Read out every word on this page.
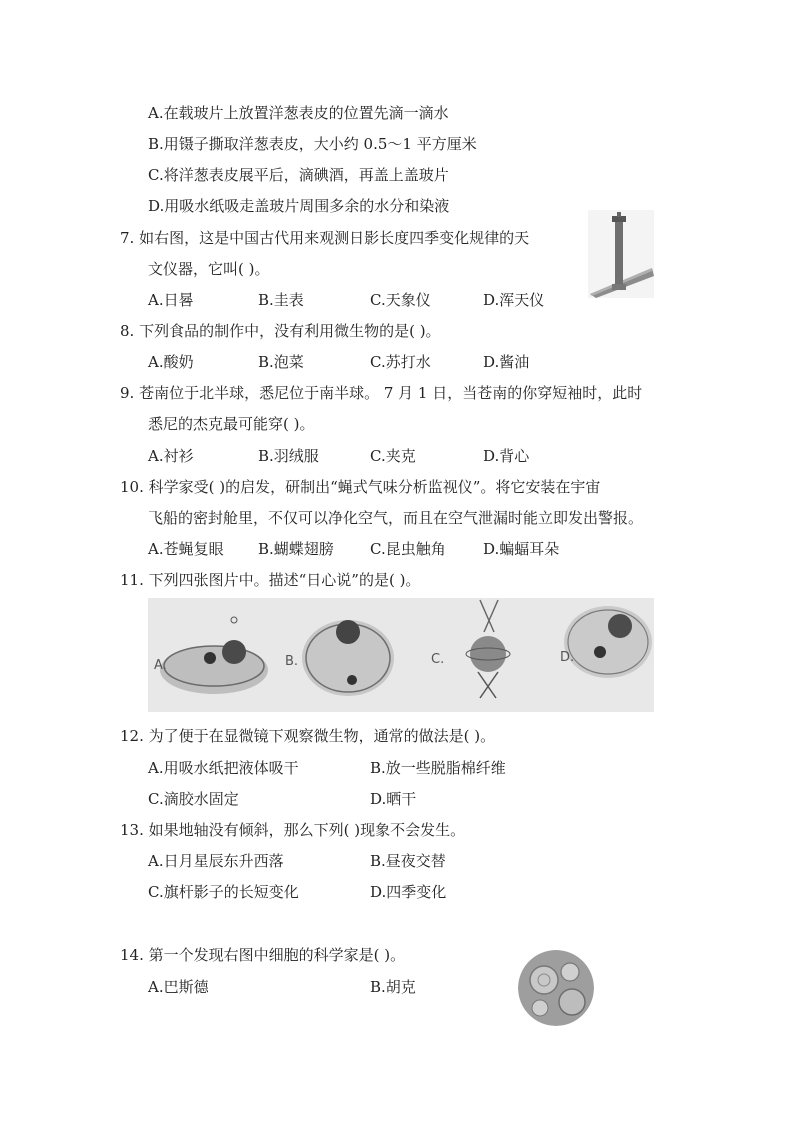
A.在载玻片上放置洋葱表皮的位置先滴一滴水
B.用镊子撕取洋葱表皮，大小约 0.5～1 平方厘米
C.将洋葱表皮展平后，滴碘酒，再盖上盖玻片
D.用吸水纸吸走盖玻片周围多余的水分和染液
7. 如右图，这是中国古代用来观测日影长度四季变化规律的天
文仪器，它叫( )。
A.日晷	B.圭表	C.天象仪	D.浑天仪
8. 下列食品的制作中，没有利用微生物的是( )。
A.酸奶	B.泡菜	C.苏打水	D.酱油
9. 苍南位于北半球，悉尼位于南半球。 7 月 1 日，当苍南的你穿短袖时，此时
悉尼的杰克最可能穿( )。
A.衬衫	B.羽绒服	C.夹克	D.背心
10. 科学家受( )的启发，研制出“蝇式气味分析监视仪”。将它安装在宇宙
飞船的密封舱里，不仅可以净化空气，而且在空气泄漏时能立即发出警报。
A.苍蝇复眼 B.蝴蝶翅膀 C.昆虫触角 D.蝙蝠耳朵
11. 下列四张图片中。描述“日心说”的是( )。
A.	B.	C.	D.
12. 为了便于在显微镜下观察微生物，通常的做法是( )。
A.用吸水纸把液体吸干	B.放一些脱脂棉纤维
C.滴胶水固定	D.晒干
13. 如果地轴没有倾斜，那么下列( )现象不会发生。
A.日月星辰东升西落	B.昼夜交替
C.旗杆影子的长短变化	D.四季变化
14. 第一个发现右图中细胞的科学家是( )。
A.巴斯德	B.胡克
